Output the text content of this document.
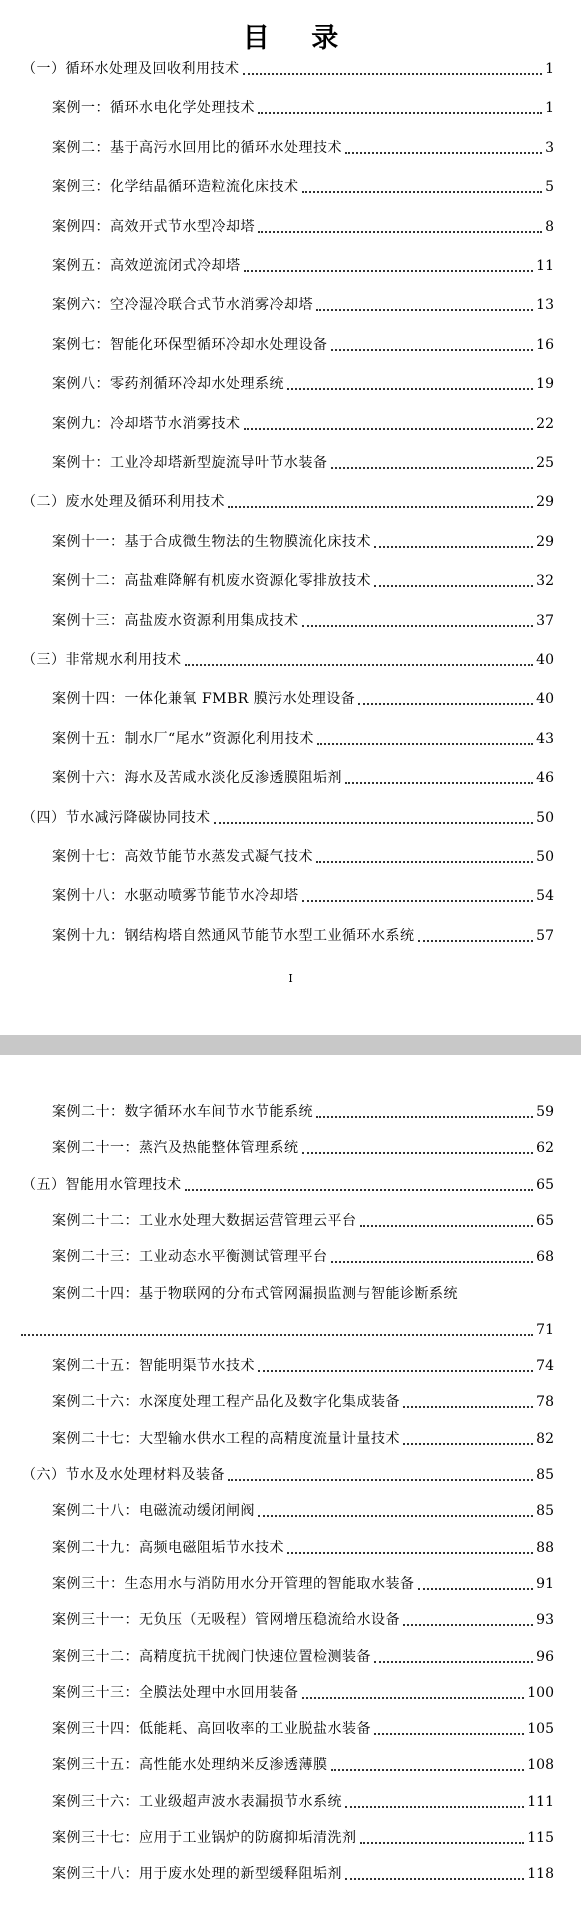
目 录
（一）循环水处理及回收利用技术	1
案例一：循环水电化学处理技术	1
案例二：基于高污水回用比的循环水处理技术	3
案例三：化学结晶循环造粒流化床技术	5
案例四：高效开式节水型冷却塔	8
案例五：高效逆流闭式冷却塔	11
案例六：空冷湿冷联合式节水消雾冷却塔	13
案例七：智能化环保型循环冷却水处理设备	16
案例八：零药剂循环冷却水处理系统	19
案例九：冷却塔节水消雾技术	22
案例十：工业冷却塔新型旋流导叶节水装备	25
（二）废水处理及循环利用技术	29
案例十一：基于合成微生物法的生物膜流化床技术	29
案例十二：高盐难降解有机废水资源化零排放技术	32
案例十三：高盐废水资源利用集成技术	37
（三）非常规水利用技术	40
案例十四：一体化兼氧 FMBR 膜污水处理设备	40
案例十五：制水厂“尾水”资源化利用技术	43
案例十六：海水及苦咸水淡化反渗透膜阻垢剂	46
（四）节水减污降碳协同技术	50
案例十七：高效节能节水蒸发式凝气技术	50
案例十八：水驱动喷雾节能节水冷却塔	54
案例十九：钢结构塔自然通风节能节水型工业循环水系统	57
I
案例二十：数字循环水车间节水节能系统	59
案例二十一：蒸汽及热能整体管理系统	62
（五）智能用水管理技术	65
案例二十二：工业水处理大数据运营管理云平台	65
案例二十三：工业动态水平衡测试管理平台	68
案例二十四：基于物联网的分布式管网漏损监测与智能诊断系统
71
案例二十五：智能明渠节水技术	74
案例二十六：水深度处理工程产品化及数字化集成装备	78
案例二十七：大型输水供水工程的高精度流量计量技术	82
（六）节水及水处理材料及装备	85
案例二十八：电磁流动缓闭闸阀	85
案例二十九：高频电磁阻垢节水技术	88
案例三十：生态用水与消防用水分开管理的智能取水装备	91
案例三十一：无负压（无吸程）管网增压稳流给水设备	93
案例三十二：高精度抗干扰阀门快速位置检测装备	96
案例三十三：全膜法处理中水回用装备	100
案例三十四：低能耗、高回收率的工业脱盐水装备	105
案例三十五：高性能水处理纳米反渗透薄膜	108
案例三十六：工业级超声波水表漏损节水系统	111
案例三十七：应用于工业锅炉的防腐抑垢清洗剂	115
案例三十八：用于废水处理的新型缓释阻垢剂	118
